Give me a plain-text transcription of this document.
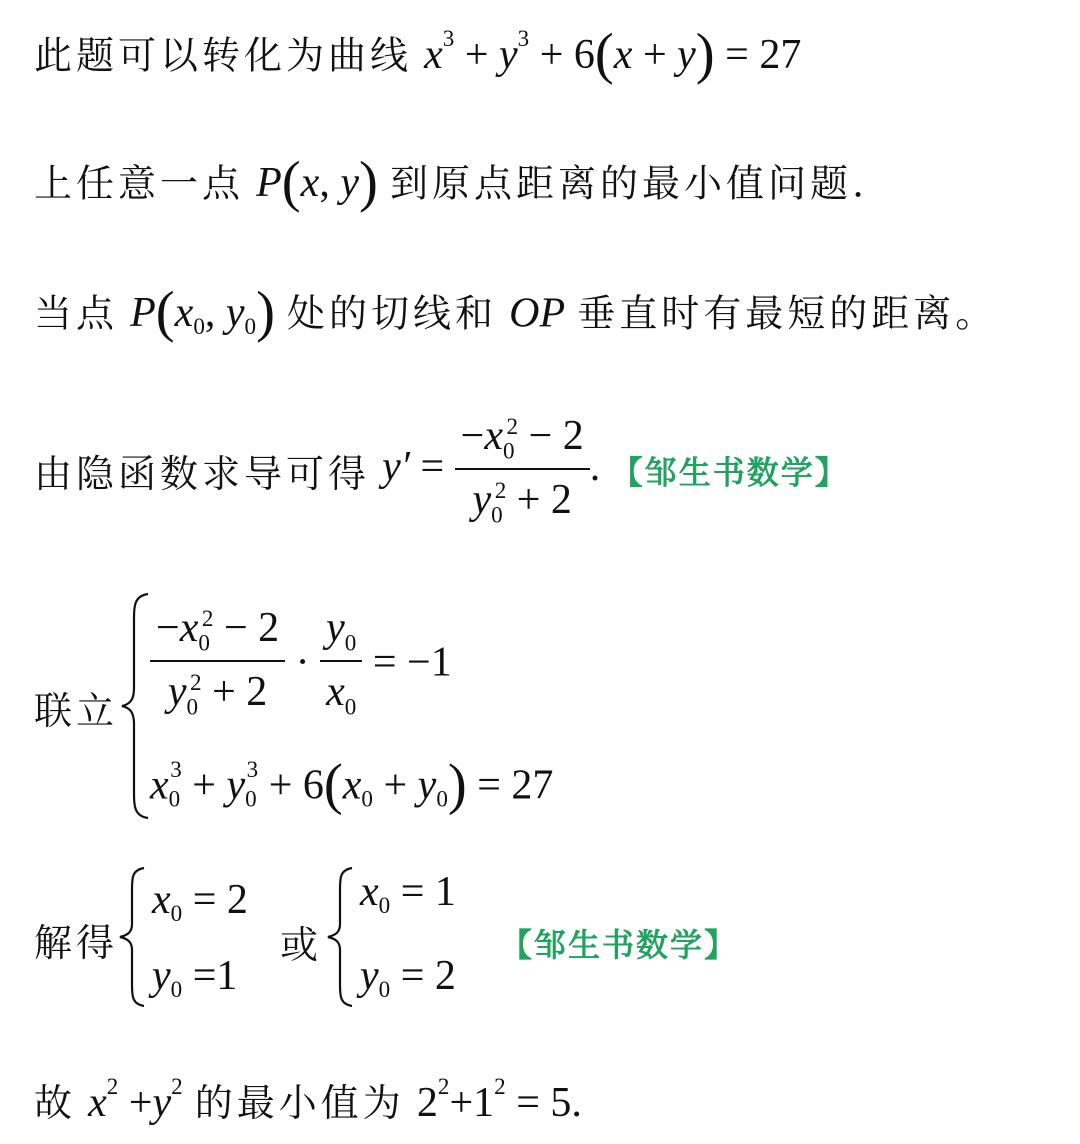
此题可以转化为曲线 $x^3 + y^3 + 6(x + y) = 27$
上任意一点 P(x, y) 到原点距离的最小值问题.
当点 $P(x_0$, $y_0$) 处的切线和 OP 垂直时有最短的距离。
由隐函数求导可得 $y' = \frac{-x_0^2 - 2}{y_0^2 + 2}$ . 【邹生书数学】
联立 $\frac{-x_0^2 - 2}{y_0^2 + 2} \cdot \frac{y_0}{x_0} = -1$
$x_0^3 + y_0^3 + 6(x_0 + y_0) = 27$
解得
$x_0 = 2$
$y_0 =1$
或
$x_0 = 1$
$y_0 = 2$
【邹生书数学】
故 $x^2 +y^2$ 的最小值为 $2^2+1^2 = 5$.
